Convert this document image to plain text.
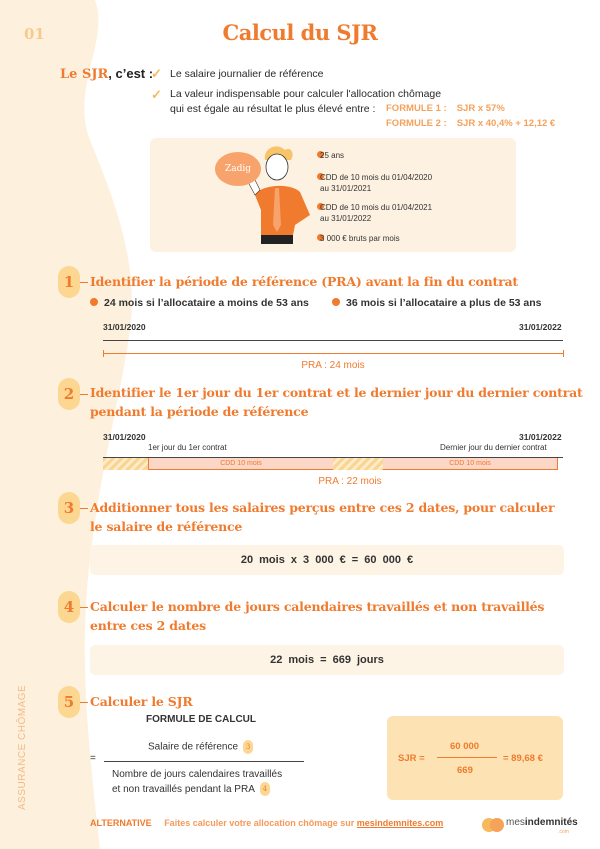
01	Calcul du SJR
Le SJR, c’est :
✓ Le salaire journalier de référence
✓ La valeur indispensable pour calculer l'allocation chômage
qui est égale au résultat le plus élevé entre : FORMULE 1 : SJR x 57%
FORMULE 2 : SJR x 40,4% + 12,12 €
Zadig
25 ans
CDD de 10 mois du 01/04/2020
au 31/01/2021
CDD de 10 mois du 01/04/2021
au 31/01/2022
3 000 € bruts par mois
1	Identifier la période de référence (PRA) avant la fin du contrat
24 mois si l’allocataire a moins de 53 ans	36 mois si l’allocataire a plus de 53 ans
31/01/2020	31/01/2022
PRA : 24 mois
2	Identifier le 1er jour du 1er contrat et le dernier jour du dernier contrat
pendant la période de référence
31/01/2020	31/01/2022
1er jour du 1er contrat	Dernier jour du dernier contrat
CDD 10 mois	CDD 10 mois
PRA : 22 mois
3	Additionner tous les salaires perçus entre ces 2 dates, pour calculer
le salaire de référence
20 mois x 3 000 € = 60 000 €
4	Calculer le nombre de jours calendaires travaillés et non travaillés
entre ces 2 dates
22 mois = 669 jours
5	Calculer le SJR
FORMULE DE CALCUL
=
Salaire de référence 3
Nombre de jours calendaires travaillés
et non travaillés pendant la PRA 4
SJR =
60 000
669
= 89,68 €
ASSURANCE CHÔMAGE
ALTERNATIVE Faites calculer votre allocation chômage sur mesindemnites.com	mesindemnités
.com
